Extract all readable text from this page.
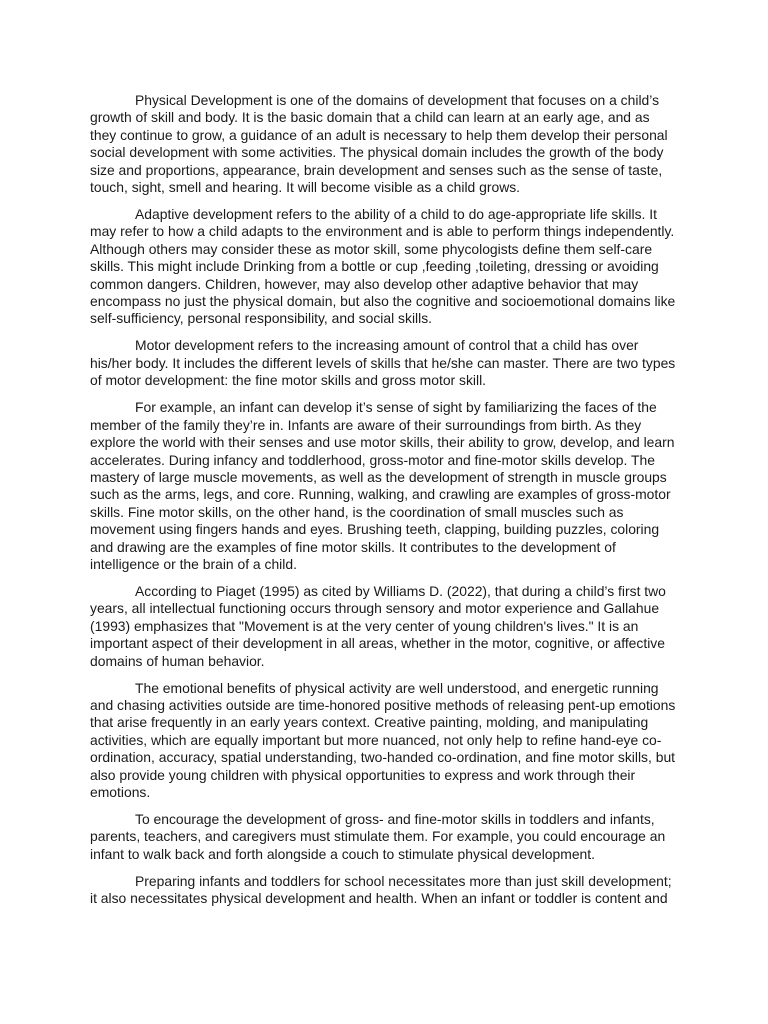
Physical Development is one of the domains of development that focuses on a child’s growth of skill and body. It is the basic domain that a child can learn at an early age, and as they continue to grow, a guidance of an adult is necessary to help them develop their personal social development with some activities. The physical domain includes the growth of the body size and proportions, appearance, brain development and senses such as the sense of taste, touch, sight, smell and hearing. It will become visible as a child grows.

Adaptive development refers to the ability of a child to do age-appropriate life skills. It may refer to how a child adapts to the environment and is able to perform things independently. Although others may consider these as motor skill, some phycologists define them self-care skills. This might include Drinking from a bottle or cup ,feeding ,toileting, dressing or avoiding common dangers. Children, however, may also develop other adaptive behavior that may encompass no just the physical domain, but also the cognitive and socioemotional domains like self-sufficiency, personal responsibility, and social skills.

Motor development refers to the increasing amount of control that a child has over his/her body. It includes the different levels of skills that he/she can master. There are two types of motor development: the fine motor skills and gross motor skill.

For example, an infant can develop it’s sense of sight by familiarizing the faces of the member of the family they’re in. Infants are aware of their surroundings from birth. As they explore the world with their senses and use motor skills, their ability to grow, develop, and learn accelerates. During infancy and toddlerhood, gross-motor and fine-motor skills develop. The mastery of large muscle movements, as well as the development of strength in muscle groups such as the arms, legs, and core. Running, walking, and crawling are examples of gross-motor skills. Fine motor skills, on the other hand, is the coordination of small muscles such as movement using fingers hands and eyes. Brushing teeth, clapping, building puzzles, coloring and drawing are the examples of fine motor skills. It contributes to the development of intelligence or the brain of a child.

According to Piaget (1995) as cited by Williams D. (2022), that during a child’s first two years, all intellectual functioning occurs through sensory and motor experience and Gallahue (1993) emphasizes that "Movement is at the very center of young children's lives." It is an important aspect of their development in all areas, whether in the motor, cognitive, or affective domains of human behavior.

The emotional benefits of physical activity are well understood, and energetic running and chasing activities outside are time-honored positive methods of releasing pent-up emotions that arise frequently in an early years context. Creative painting, molding, and manipulating activities, which are equally important but more nuanced, not only help to refine hand-eye co-ordination, accuracy, spatial understanding, two-handed co-ordination, and fine motor skills, but also provide young children with physical opportunities to express and work through their emotions.

To encourage the development of gross- and fine-motor skills in toddlers and infants, parents, teachers, and caregivers must stimulate them. For example, you could encourage an infant to walk back and forth alongside a couch to stimulate physical development.

Preparing infants and toddlers for school necessitates more than just skill development; it also necessitates physical development and health. When an infant or toddler is content and
